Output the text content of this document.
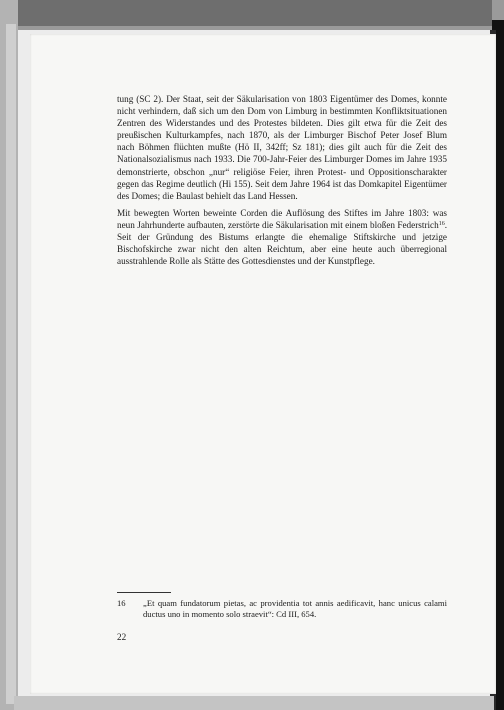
tung (SC 2). Der Staat, seit der Säkularisation von 1803 Eigentümer des Domes, konnte nicht verhindern, daß sich um den Dom von Limburg in bestimmten Konfliktsituationen Zentren des Widerstandes und des Protestes bildeten. Dies gilt etwa für die Zeit des preußischen Kulturkampfes, nach 1870, als der Limburger Bischof Peter Josef Blum nach Böhmen flüchten mußte (Hö II, 342ff; Sz 181); dies gilt auch für die Zeit des Nationalsozialismus nach 1933. Die 700-Jahr-Feier des Limburger Domes im Jahre 1935 demonstrierte, obschon „nur“ religiöse Feier, ihren Protest- und Oppositionscharakter gegen das Regime deutlich (Hi 155). Seit dem Jahre 1964 ist das Domkapitel Eigentümer des Domes; die Baulast behielt das Land Hessen.

Mit bewegten Worten beweinte Corden die Auflösung des Stiftes im Jahre 1803: was neun Jahrhunderte aufbauten, zerstörte die Säkularisation mit einem bloßen Federstrich$^{16}$. Seit der Gründung des Bistums erlangte die ehemalige Stiftskirche und jetzige Bischofskirche zwar nicht den alten Reichtum, aber eine heute auch überregional ausstrahlende Rolle als Stätte des Gottesdienstes und der Kunstpflege.

16	„Et quam fundatorum pietas, ac providentia tot annis aedificavit, hanc unicus calami ductus uno in momento solo straevit“: Cd III, 654.
22
